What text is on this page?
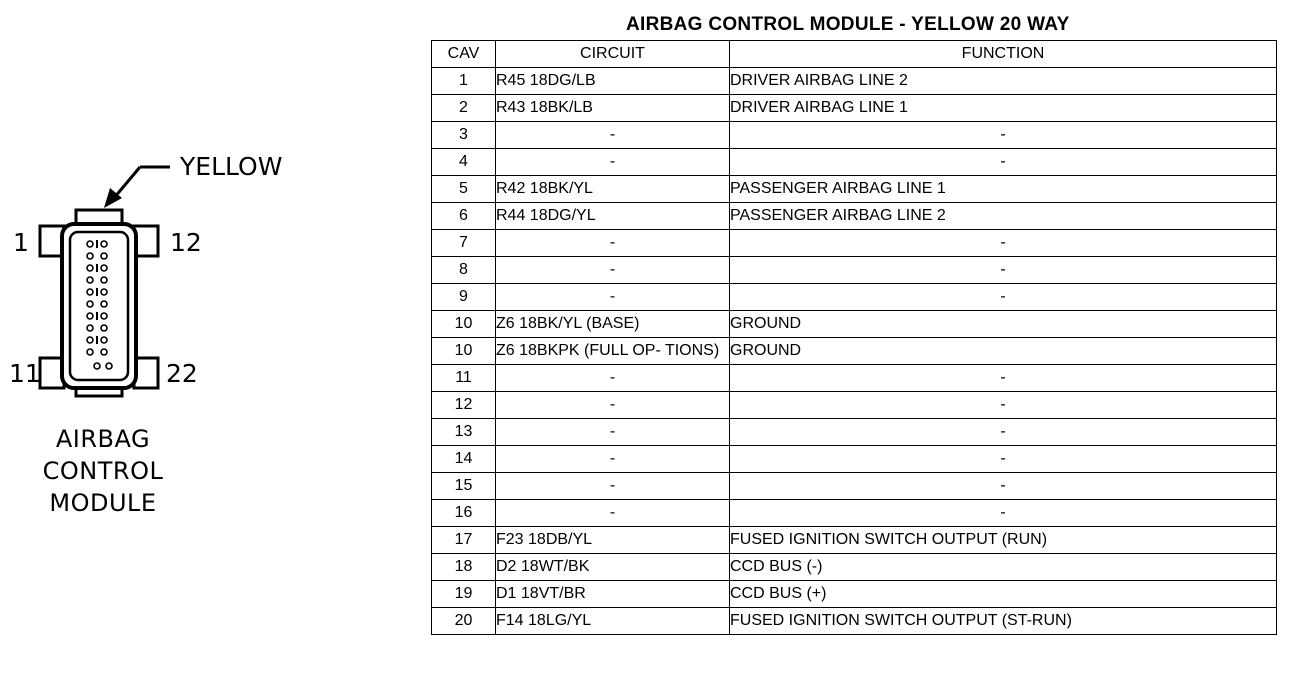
YELLOW
1	12
11	22
AIRBAG
CONTROL
MODULE
AIRBAG CONTROL MODULE - YELLOW 20 WAY
CAV	CIRCUIT	FUNCTION
1	R45 18DG/LB	DRIVER AIRBAG LINE 2
2	R43 18BK/LB	DRIVER AIRBAG LINE 1
3	-	-
4	-	-
5	R42 18BK/YL	PASSENGER AIRBAG LINE 1
6	R44 18DG/YL	PASSENGER AIRBAG LINE 2
7	-	-
8	-	-
9	-	-
10	Z6 18BK/YL (BASE)	GROUND
10	Z6 18BKPK (FULL OP- TIONS)	GROUND
11	-	-
12	-	-
13	-	-
14	-	-
15	-	-
16	-	-
17	F23 18DB/YL	FUSED IGNITION SWITCH OUTPUT (RUN)
18	D2 18WT/BK	CCD BUS (-)
19	D1 18VT/BR	CCD BUS (+)
20	F14 18LG/YL	FUSED IGNITION SWITCH OUTPUT (ST-RUN)
